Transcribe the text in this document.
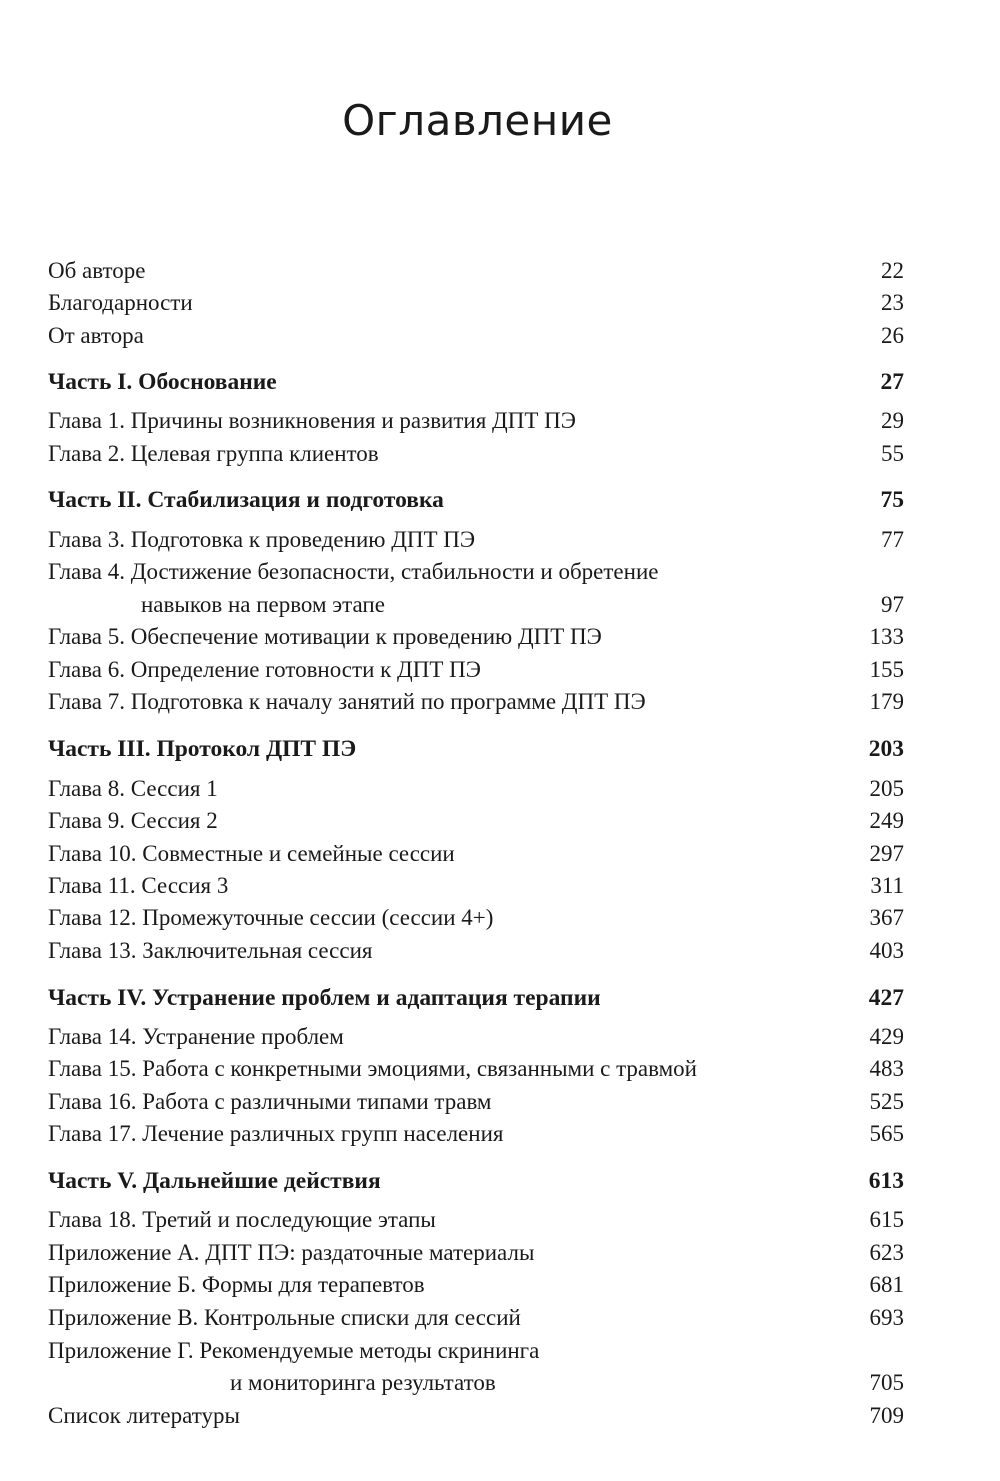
Оглавление
Об авторе	22
Благодарности	23
От автора	26
Часть I. Обоснование	27
Глава 1. Причины возникновения и развития ДПТ ПЭ	29
Глава 2. Целевая группа клиентов	55
Часть II. Стабилизация и подготовка	75
Глава 3. Подготовка к проведению ДПТ ПЭ	77
Глава 4. Достижение безопасности, стабильности и обретение
навыков на первом этапе	97
Глава 5. Обеспечение мотивации к проведению ДПТ ПЭ	133
Глава 6. Определение готовности к ДПТ ПЭ	155
Глава 7. Подготовка к началу занятий по программе ДПТ ПЭ	179
Часть III. Протокол ДПТ ПЭ	203
Глава 8. Сессия 1	205
Глава 9. Сессия 2	249
Глава 10. Совместные и семейные сессии	297
Глава 11. Сессия 3	311
Глава 12. Промежуточные сессии (сессии 4+)	367
Глава 13. Заключительная сессия	403
Часть IV. Устранение проблем и адаптация терапии	427
Глава 14. Устранение проблем	429
Глава 15. Работа с конкретными эмоциями, связанными с травмой	483
Глава 16. Работа с различными типами травм	525
Глава 17. Лечение различных групп населения	565
Часть V. Дальнейшие действия	613
Глава 18. Третий и последующие этапы	615
Приложение А. ДПТ ПЭ: раздаточные материалы	623
Приложение Б. Формы для терапевтов	681
Приложение В. Контрольные списки для сессий	693
Приложение Г. Рекомендуемые методы скрининга
и мониторинга результатов	705
Список литературы	709
